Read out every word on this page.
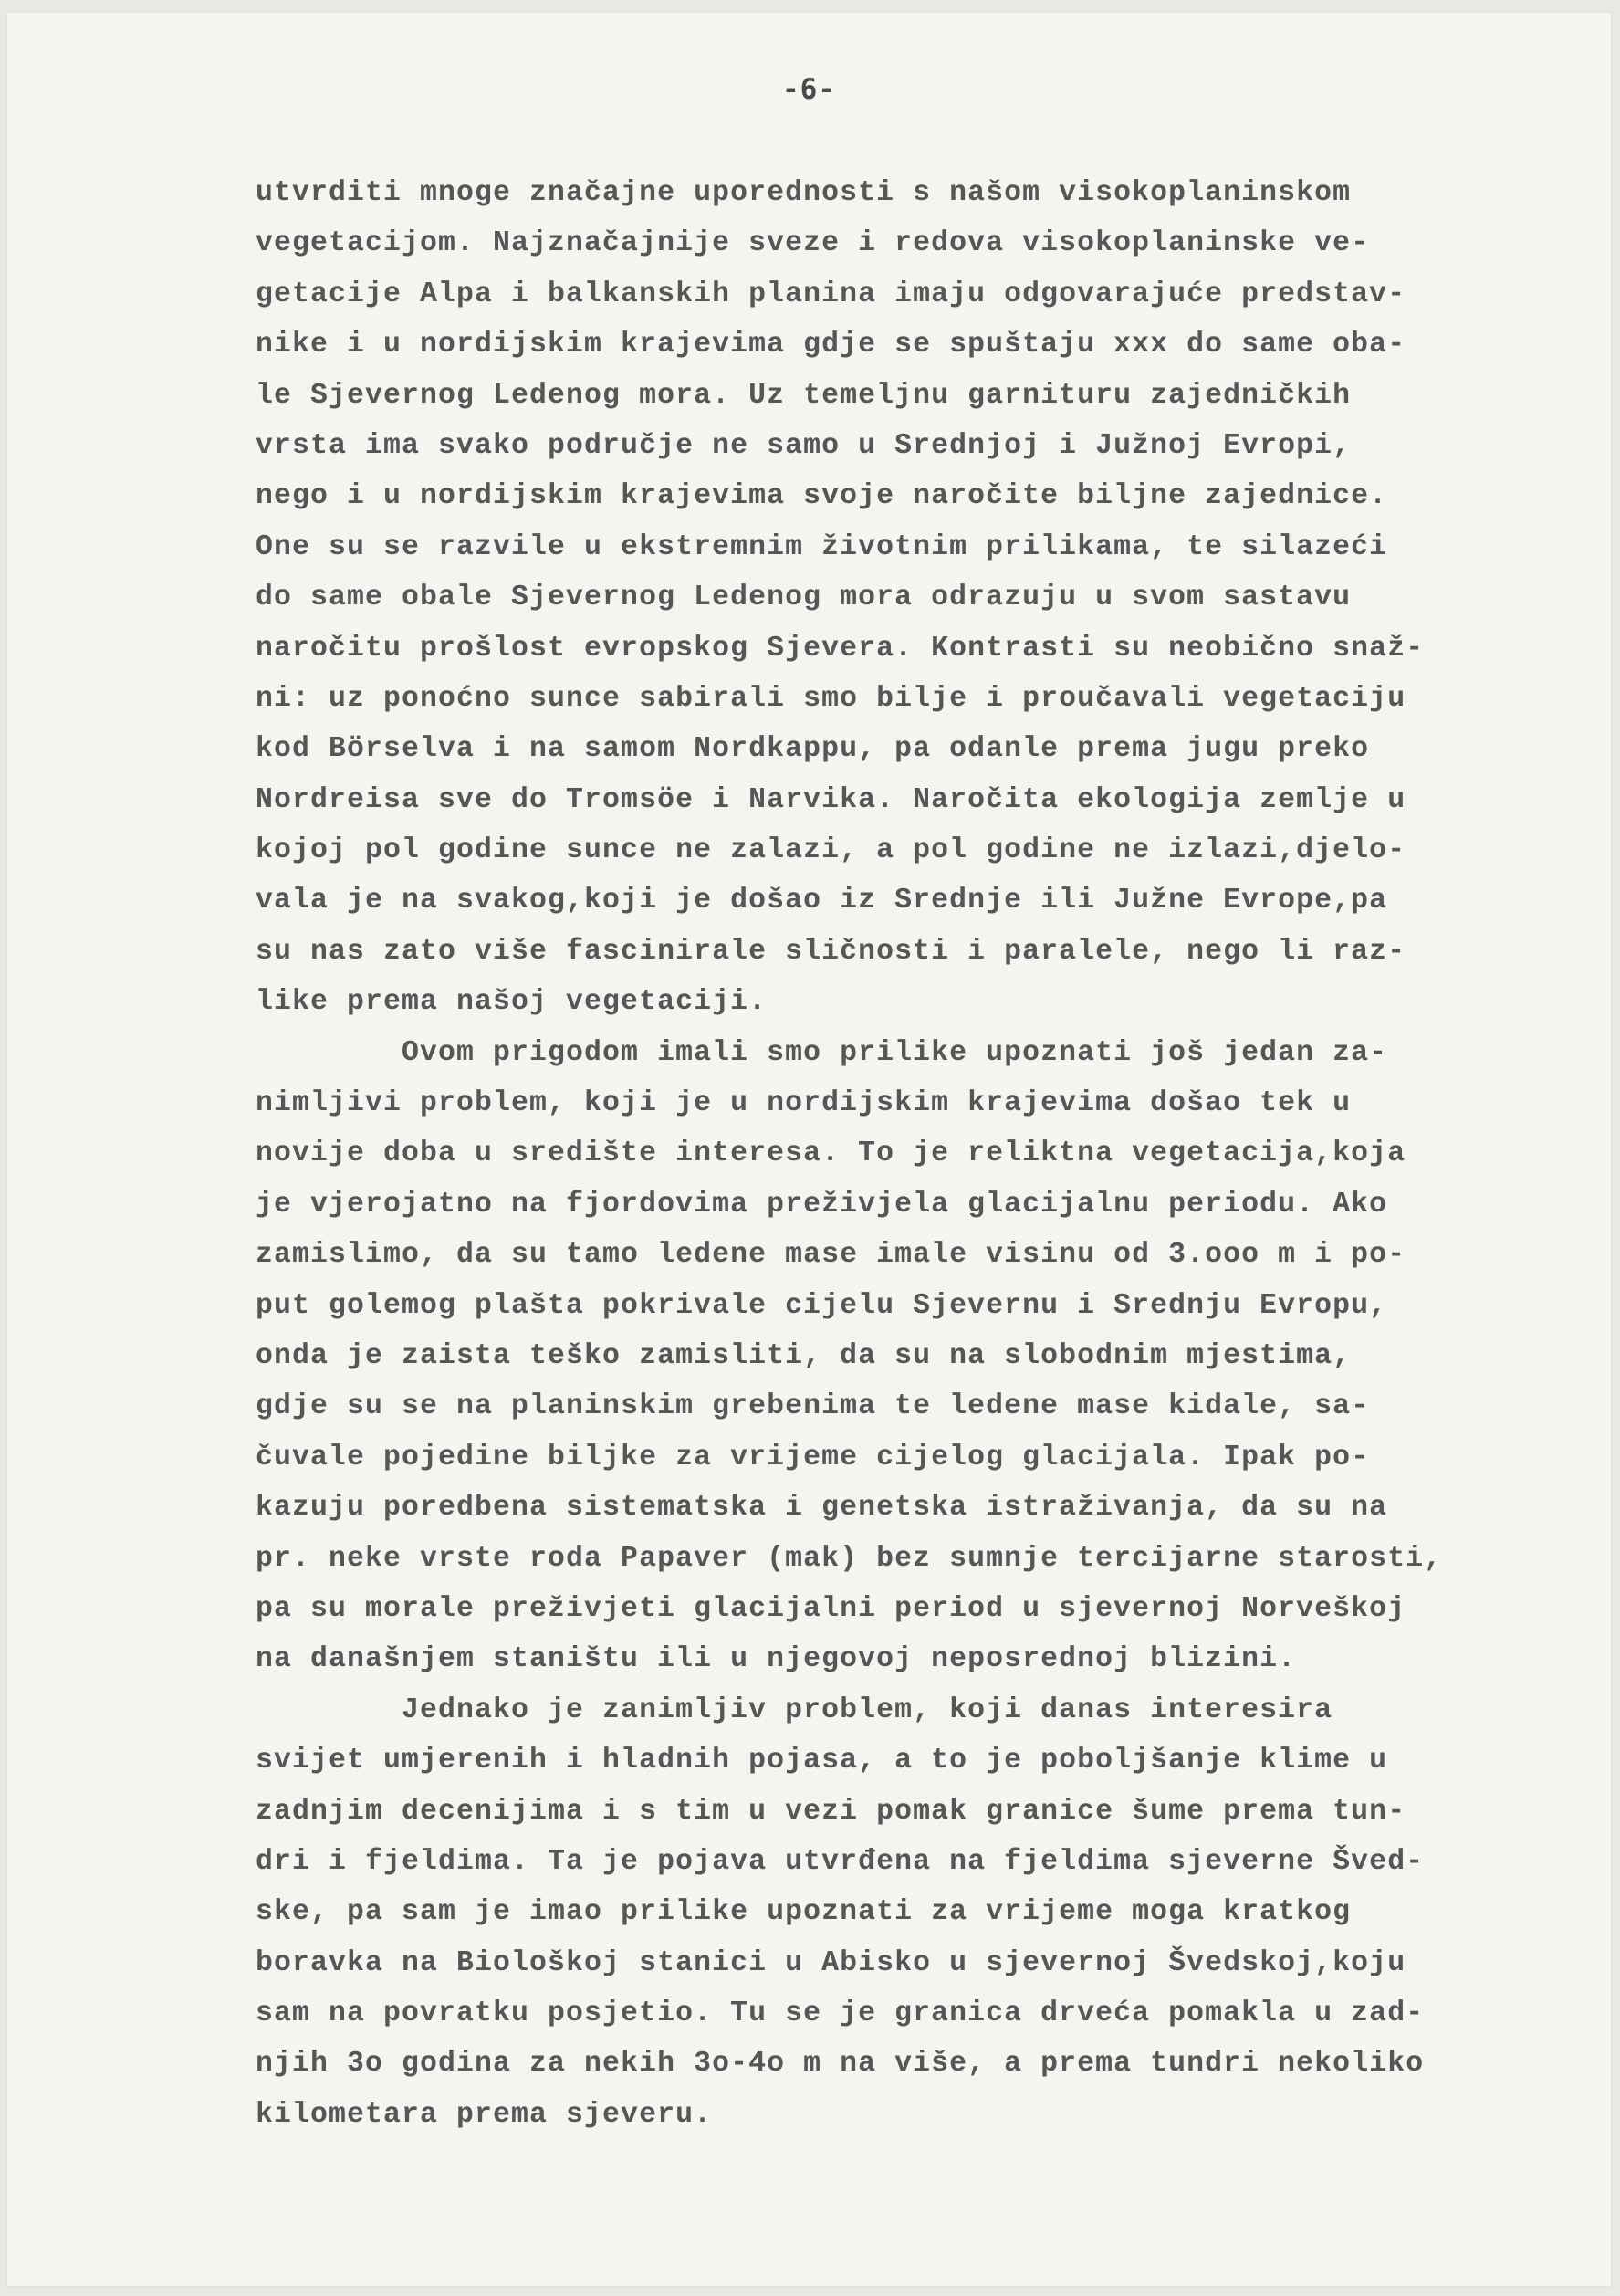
-6-
utvrditi mnoge značajne uporednosti s našom visokoplaninskom
vegetacijom. Najznačajnije sveze i redova visokoplaninske ve-
getacije Alpa i balkanskih planina imaju odgovarajuće predstav-
nike i u nordijskim krajevima gdje se spuštaju xxx do same oba-
le Sjevernog Ledenog mora. Uz temeljnu garnituru zajedničkih
vrsta ima svako područje ne samo u Srednjoj i Južnoj Evropi,
nego i u nordijskim krajevima svoje naročite biljne zajednice.
One su se razvile u ekstremnim životnim prilikama, te silazeći
do same obale Sjevernog Ledenog mora odrazuju u svom sastavu
naročitu prošlost evropskog Sjevera. Kontrasti su neobično snaž-
ni: uz ponoćno sunce sabirali smo bilje i proučavali vegetaciju
kod Börselva i na samom Nordkappu, pa odanle prema jugu preko
Nordreisa sve do Tromsöe i Narvika. Naročita ekologija zemlje u
kojoj pol godine sunce ne zalazi, a pol godine ne izlazi,djelo-
vala je na svakog,koji je došao iz Srednje ili Južne Evrope,pa
su nas zato više fascinirale sličnosti i paralele, nego li raz-
like prema našoj vegetaciji.
Ovom prigodom imali smo prilike upoznati još jedan za-
nimljivi problem, koji je u nordijskim krajevima došao tek u
novije doba u središte interesa. To je reliktna vegetacija,koja
je vjerojatno na fjordovima preživjela glacijalnu periodu. Ako
zamislimo, da su tamo ledene mase imale visinu od 3.ooo m i po-
put golemog plašta pokrivale cijelu Sjevernu i Srednju Evropu,
onda je zaista teško zamisliti, da su na slobodnim mjestima,
gdje su se na planinskim grebenima te ledene mase kidale, sa-
čuvale pojedine biljke za vrijeme cijelog glacijala. Ipak po-
kazuju poredbena sistematska i genetska istraživanja, da su na
pr. neke vrste roda Papaver (mak) bez sumnje tercijarne starosti,
pa su morale preživjeti glacijalni period u sjevernoj Norveškoj
na današnjem staništu ili u njegovoj neposrednoj blizini.
Jednako je zanimljiv problem, koji danas interesira
svijet umjerenih i hladnih pojasa, a to je poboljšanje klime u
zadnjim decenijima i s tim u vezi pomak granice šume prema tun-
dri i fjeldima. Ta je pojava utvrđena na fjeldima sjeverne Šved-
ske, pa sam je imao prilike upoznati za vrijeme moga kratkog
boravka na Biološkoj stanici u Abisko u sjevernoj Švedskoj,koju
sam na povratku posjetio. Tu se je granica drveća pomakla u zad-
njih 3o godina za nekih 3o-4o m na više, a prema tundri nekoliko
kilometara prema sjeveru.
